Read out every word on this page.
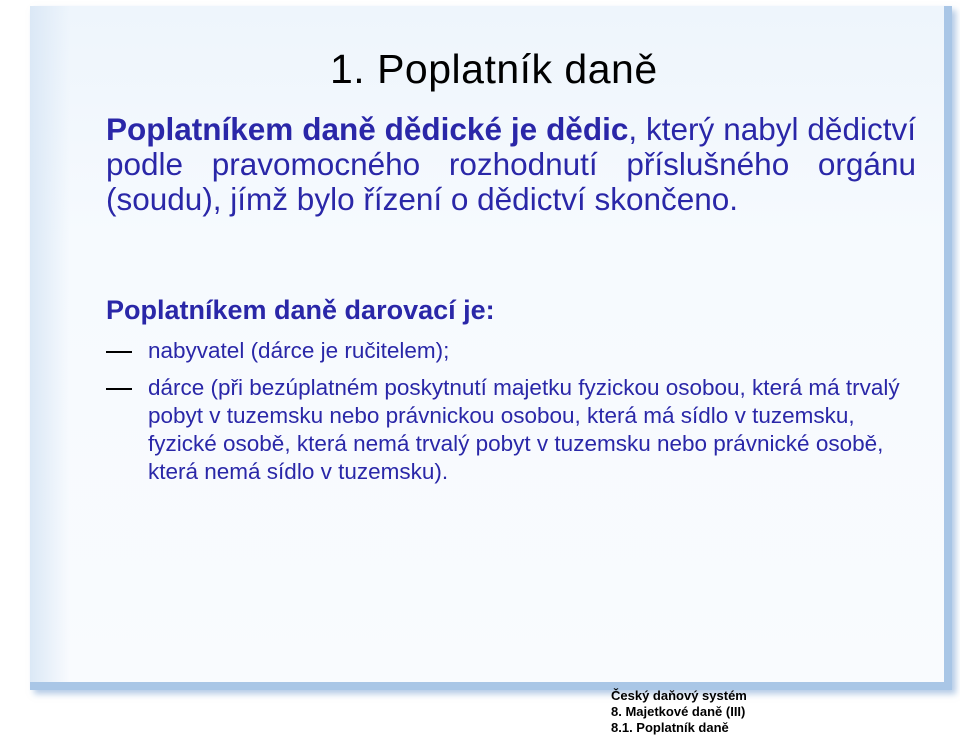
1. Poplatník daně
Poplatníkem daně dědické je dědic, který nabyl dědictví podle pravomocného rozhodnutí příslušného orgánu (soudu), jímž bylo řízení o dědictví skončeno.
Poplatníkem daně darovací je:
nabyvatel (dárce je ručitelem);
dárce (při bezúplatném poskytnutí majetku fyzickou osobou, která má trvalý pobyt v tuzemsku nebo právnickou osobou, která má sídlo v tuzemsku, fyzické osobě, která nemá trvalý pobyt v tuzemsku nebo právnické osobě, která nemá sídlo v tuzemsku).
Český daňový systém
8. Majetkové daně (III)
8.1. Poplatník daně
